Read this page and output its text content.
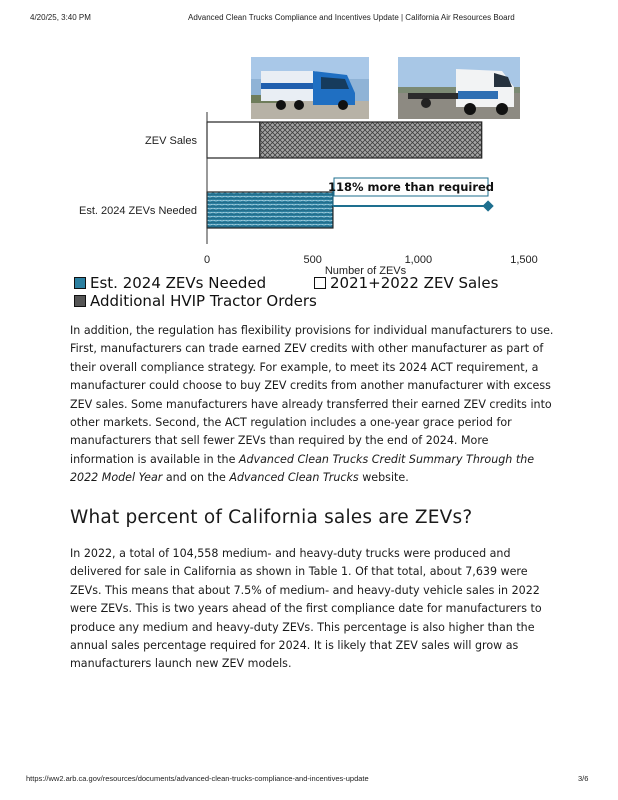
4/20/25, 3:40 PM	Advanced Clean Trucks Compliance and Incentives Update | California Air Resources Board
ZEV Sales
Est. 2024 ZEVs Needed
118% more than required
0	500	1,000	1,500
Number of ZEVs
Est. 2024 ZEVs Needed	2021+2022 ZEV Sales
Additional HVIP Tractor Orders

In addition, the regulation has flexibility provisions for individual manufacturers to use. First, manufacturers can trade earned ZEV credits with other manufacturer as part of their overall compliance strategy. For example, to meet its 2024 ACT requirement, a manufacturer could choose to buy ZEV credits from another manufacturer with excess ZEV sales. Some manufacturers have already transferred their earned ZEV credits into other markets. Second, the ACT regulation includes a one-year grace period for manufacturers that sell fewer ZEVs than required by the end of 2024. More information is available in the Advanced Clean Trucks Credit Summary Through the 2022 Model Year and on the Advanced Clean Trucks website.

What percent of California sales are ZEVs?

In 2022, a total of 104,558 medium- and heavy-duty trucks were produced and delivered for sale in California as shown in Table 1. Of that total, about 7,639 were ZEVs. This means that about 7.5% of medium- and heavy-duty vehicle sales in 2022 were ZEVs. This is two years ahead of the first compliance date for manufacturers to produce any medium and heavy-duty ZEVs. This percentage is also higher than the annual sales percentage required for 2024. It is likely that ZEV sales will grow as manufacturers launch new ZEV models.

https://ww2.arb.ca.gov/resources/documents/advanced-clean-trucks-compliance-and-incentives-update	3/6
